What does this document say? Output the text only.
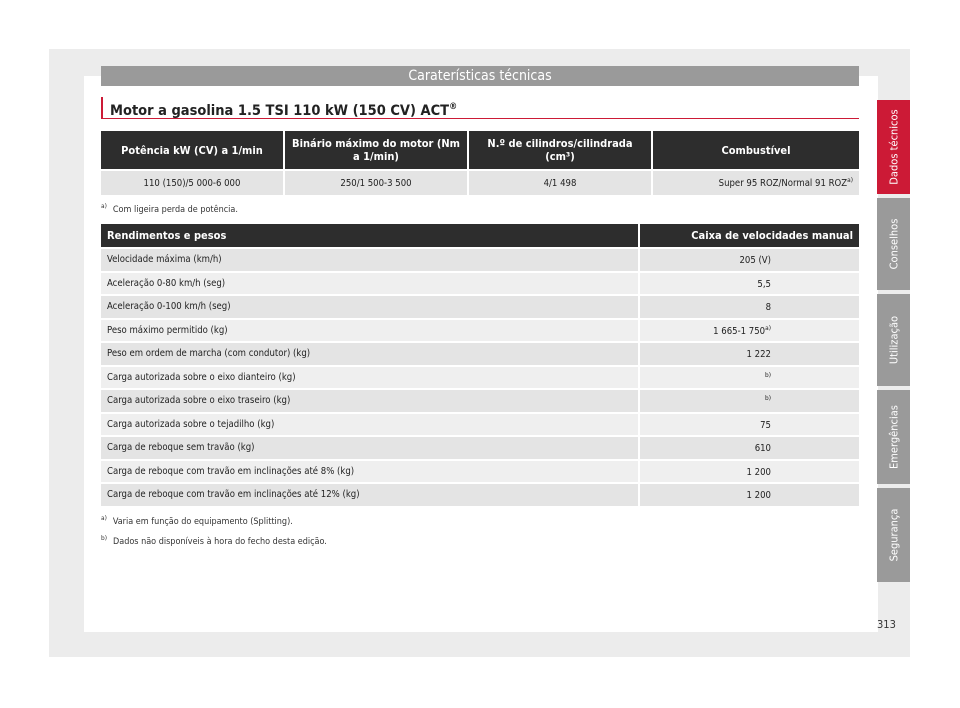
Caraterísticas técnicas
Motor a gasolina 1.5 TSI 110 kW (150 CV) ACT®
Potência kW (CV) a 1/min	Binário máximo do motor (Nm a 1/min)	N.º de cilindros/cilindrada (cm³)	Combustível
110 (150)/5 000-6 000	250/1 500-3 500	4/1 498	Super 95 ROZ/Normal 91 ROZ$^{a)}$
$^{a)}$ Com ligeira perda de potência.
Rendimentos e pesos	Caixa de velocidades manual
Velocidade máxima (km/h)	205 (V)
Aceleração 0-80 km/h (seg)	5,5
Aceleração 0-100 km/h (seg)	8
Peso máximo permitido (kg)	1 665-1 750$^{a)}$
Peso em ordem de marcha (com condutor) (kg)	1 222
Carga autorizada sobre o eixo dianteiro (kg)	$^{b)}$
Carga autorizada sobre o eixo traseiro (kg)	$^{b)}$
Carga autorizada sobre o tejadilho (kg)	75
Carga de reboque sem travão (kg)	610
Carga de reboque com travão em inclinações até 8% (kg)	1 200
Carga de reboque com travão em inclinações até 12% (kg)	1 200
$^{a)}$ Varia em função do equipamento (Splitting).
$^{b)}$ Dados não disponíveis à hora do fecho desta edição.
Dados técnicos
Conselhos
Utilização
Emergências
Segurança
313
